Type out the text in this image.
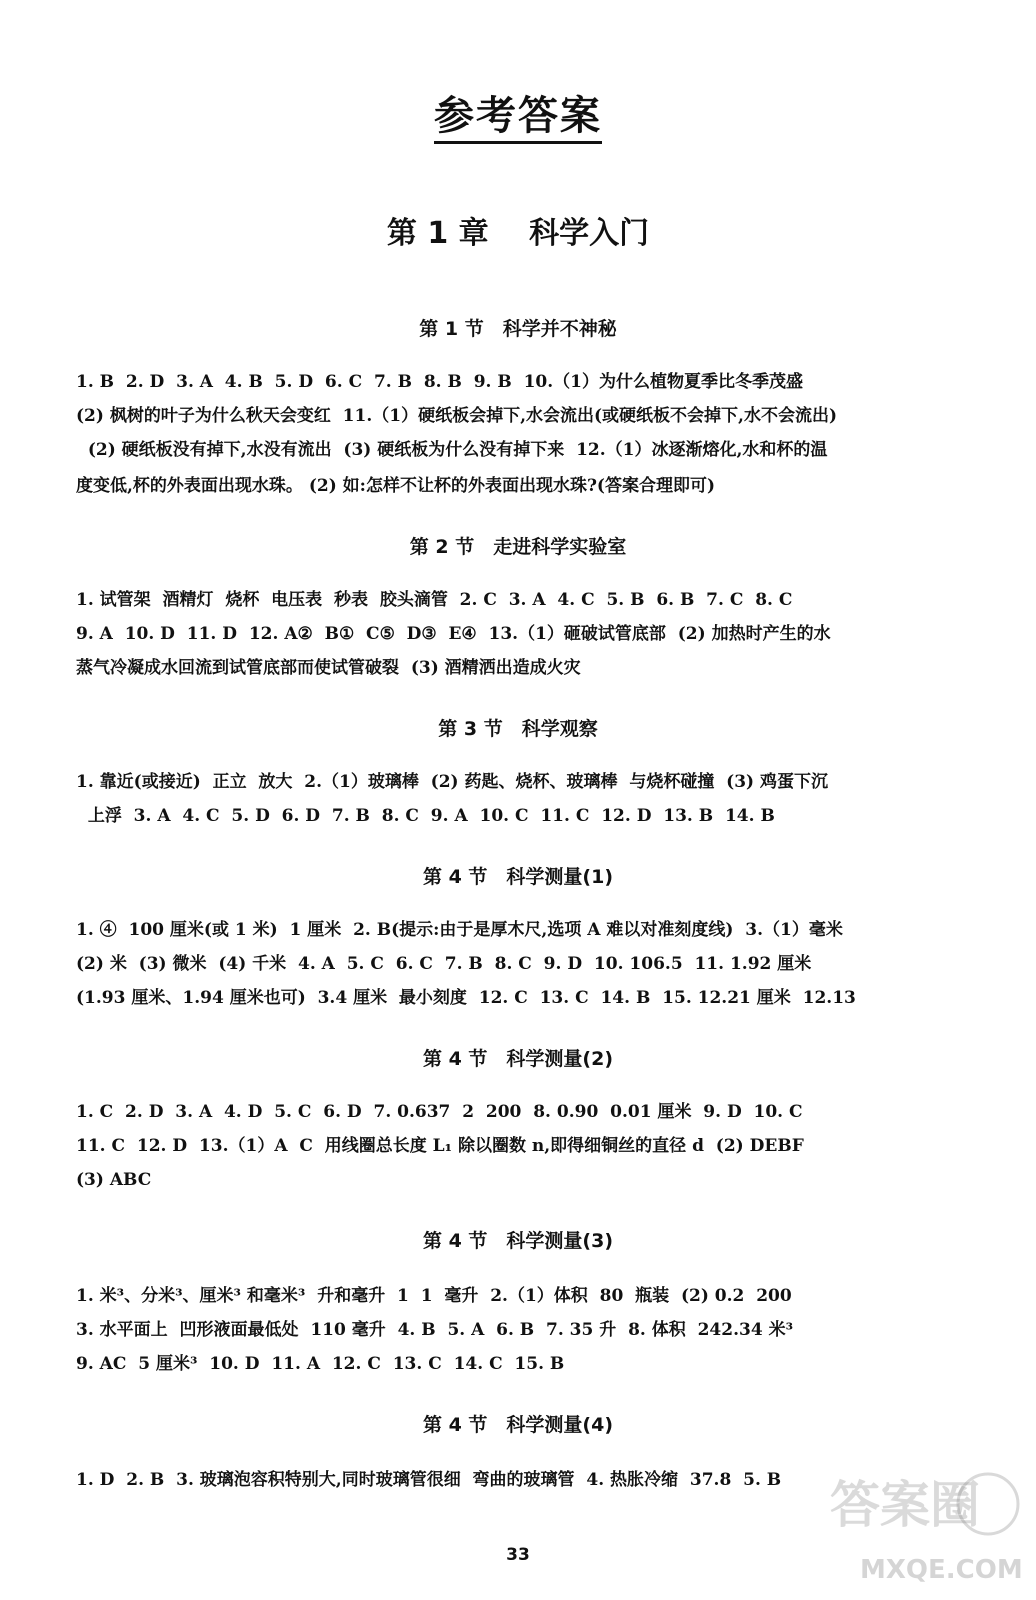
参考答案
第 1 章　 科学入门
第 1 节　科学并不神秘
1. B  2. D  3. A  4. B  5. D  6. C  7. B  8. B  9. B  10.（1）为什么植物夏季比冬季茂盛
(2) 枫树的叶子为什么秋天会变红  11.（1）硬纸板会掉下,水会流出(或硬纸板不会掉下,水不会流出)
(2) 硬纸板没有掉下,水没有流出  (3) 硬纸板为什么没有掉下来  12.（1）冰逐渐熔化,水和杯的温
度变低,杯的外表面出现水珠。 (2) 如:怎样不让杯的外表面出现水珠?(答案合理即可)
第 2 节　走进科学实验室
1. 试管架  酒精灯  烧杯  电压表  秒表  胶头滴管  2. C  3. A  4. C  5. B  6. B  7. C  8. C
9. A  10. D  11. D  12. A②  B①  C⑤  D③  E④  13.（1）砸破试管底部  (2) 加热时产生的水
蒸气冷凝成水回流到试管底部而使试管破裂  (3) 酒精洒出造成火灾
第 3 节　科学观察
1. 靠近(或接近)  正立  放大  2.（1）玻璃棒  (2) 药匙、烧杯、玻璃棒  与烧杯碰撞  (3) 鸡蛋下沉
上浮  3. A  4. C  5. D  6. D  7. B  8. C  9. A  10. C  11. C  12. D  13. B  14. B
第 4 节　科学测量(1)
1. ④  100 厘米(或 1 米)  1 厘米  2. B(提示:由于是厚木尺,选项 A 难以对准刻度线)  3.（1）毫米
(2) 米  (3) 微米  (4) 千米  4. A  5. C  6. C  7. B  8. C  9. D  10. 106.5  11. 1.92 厘米
(1.93 厘米、1.94 厘米也可)  3.4 厘米  最小刻度  12. C  13. C  14. B  15. 12.21 厘米  12.13
第 4 节　科学测量(2)
1. C  2. D  3. A  4. D  5. C  6. D  7. 0.637  2  200  8. 0.90  0.01 厘米  9. D  10. C
11. C  12. D  13.（1）A  C  用线圈总长度 L₁ 除以圈数 n,即得细铜丝的直径 d  (2) DEBF
(3) ABC
第 4 节　科学测量(3)
1. 米³、分米³、厘米³ 和毫米³  升和毫升  1  1  毫升  2.（1）体积  80  瓶装  (2) 0.2  200
3. 水平面上  凹形液面最低处  110 毫升  4. B  5. A  6. B  7. 35 升  8. 体积  242.34 米³
9. AC  5 厘米³  10. D  11. A  12. C  13. C  14. C  15. B
第 4 节　科学测量(4)
1. D  2. B  3. 玻璃泡容积特别大,同时玻璃管很细  弯曲的玻璃管  4. 热胀冷缩  37.8  5. B
33
答案圈
MXQE.COM
